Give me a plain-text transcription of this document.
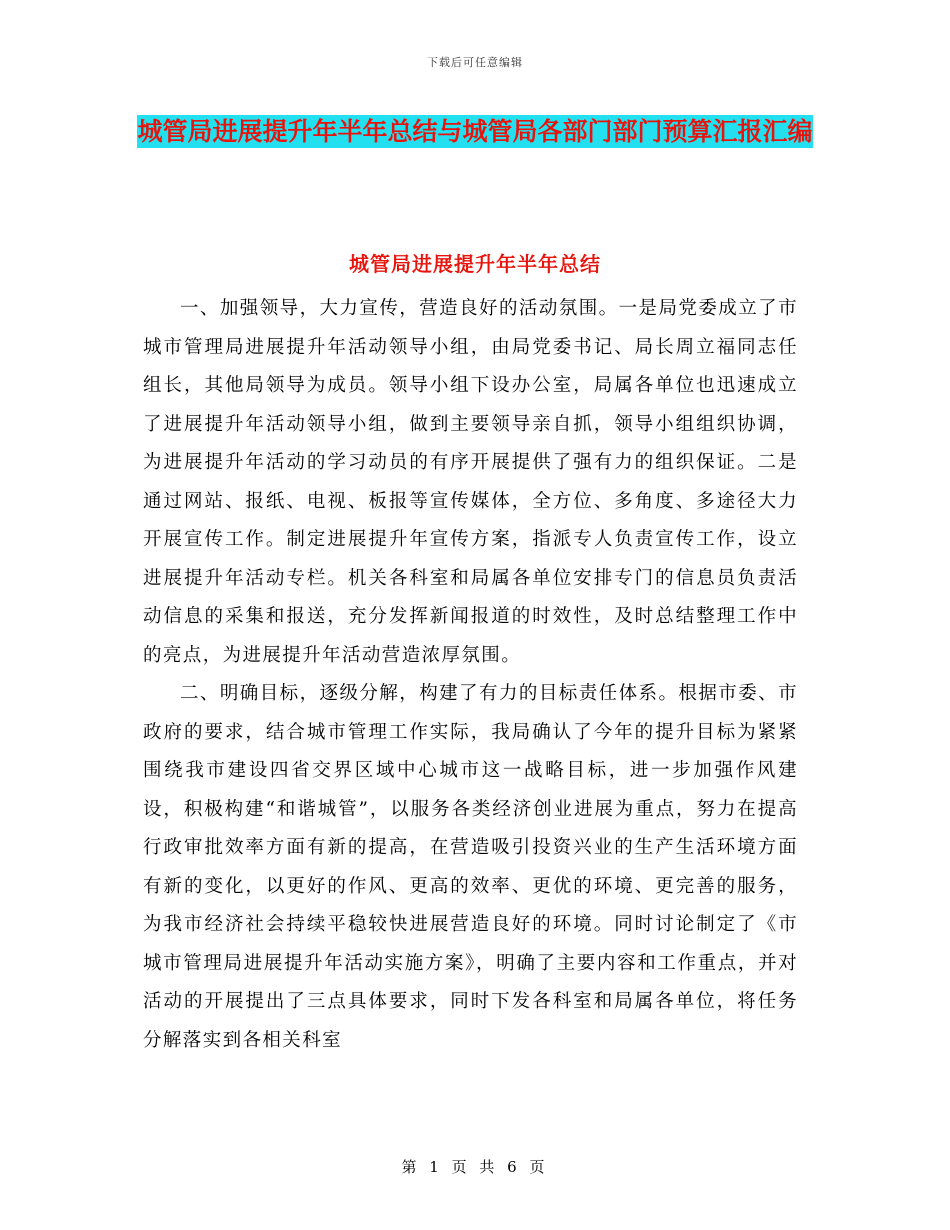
下载后可任意编辑
城管局进展提升年半年总结与城管局各部门部门预算汇报汇编
城管局进展提升年半年总结

一、加强领导，大力宣传，营造良好的活动氛围。一是局党委成立了市城市管理局进展提升年活动领导小组，由局党委书记、局长周立福同志任组长，其他局领导为成员。领导小组下设办公室，局属各单位也迅速成立了进展提升年活动领导小组，做到主要领导亲自抓，领导小组组织协调，为进展提升年活动的学习动员的有序开展提供了强有力的组织保证。二是通过网站、报纸、电视、板报等宣传媒体，全方位、多角度、多途径大力开展宣传工作。制定进展提升年宣传方案，指派专人负责宣传工作，设立进展提升年活动专栏。机关各科室和局属各单位安排专门的信息员负责活动信息的采集和报送，充分发挥新闻报道的时效性，及时总结整理工作中的亮点，为进展提升年活动营造浓厚氛围。

二、明确目标，逐级分解，构建了有力的目标责任体系。根据市委、市政府的要求，结合城市管理工作实际，我局确认了今年的提升目标为紧紧围绕我市建设四省交界区域中心城市这一战略目标，进一步加强作风建设，积极构建“和谐城管”，以服务各类经济创业进展为重点，努力在提高行政审批效率方面有新的提高，在营造吸引投资兴业的生产生活环境方面有新的变化，以更好的作风、更高的效率、更优的环境、更完善的服务，为我市经济社会持续平稳较快进展营造良好的环境。同时讨论制定了《市城市管理局进展提升年活动实施方案》，明确了主要内容和工作重点，并对活动的开展提出了三点具体要求，同时下发各科室和局属各单位，将任务分解落实到各相关科室

第 1 页 共 6 页
